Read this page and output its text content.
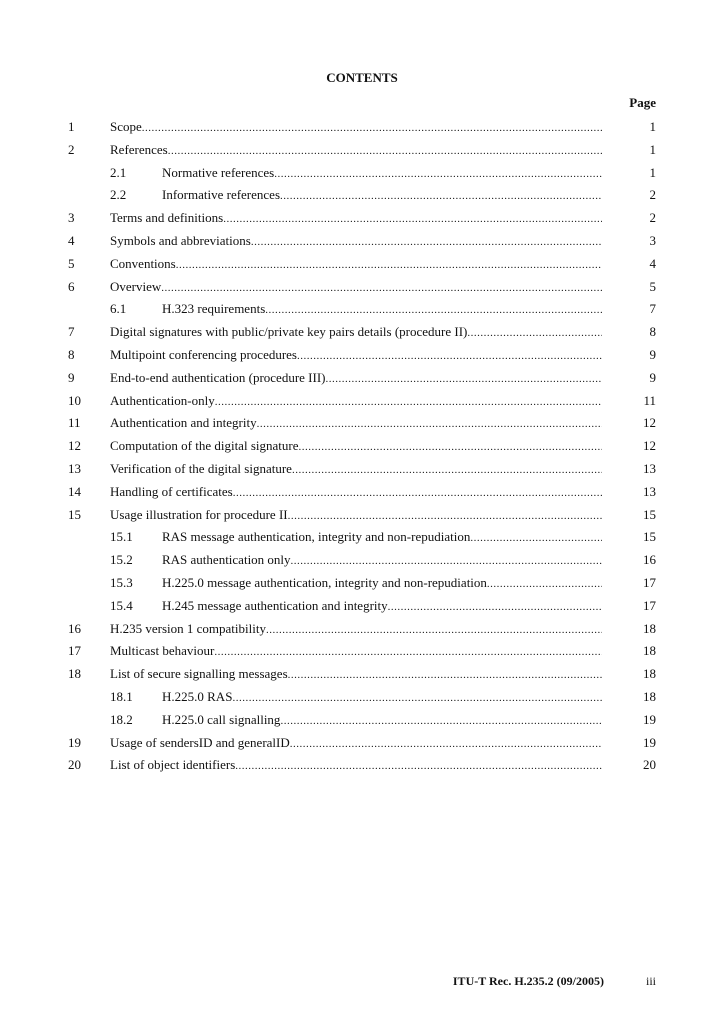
CONTENTS
Page
1	Scope .....	1
2	References .....	1
2.1	Normative references .....	1
2.2	Informative references .....	2
3	Terms and definitions .....	2
4	Symbols and abbreviations .....	3
5	Conventions .....	4
6	Overview .....	5
6.1	H.323 requirements .....	7
7	Digital signatures with public/private key pairs details (procedure II) .....	8
8	Multipoint conferencing procedures .....	9
9	End-to-end authentication (procedure III) .....	9
10 Authentication-only .....	11
11 Authentication and integrity .....	12
12 Computation of the digital signature .....	12
13 Verification of the digital signature .....	13
14 Handling of certificates .....	13
15 Usage illustration for procedure II .....	15
15.1 RAS message authentication, integrity and non-repudiation .....	15
15.2 RAS authentication only .....	16
15.3 H.225.0 message authentication, integrity and non-repudiation .....	17
15.4 H.245 message authentication and integrity .....	17
16 H.235 version 1 compatibility .....	18
17 Multicast behaviour .....	18
18 List of secure signalling messages .....	18
18.1 H.225.0 RAS .....	18
18.2 H.225.0 call signalling .....	19
19 Usage of sendersID and generalID .....	19
20 List of object identifiers .....	20
ITU-T Rec. H.235.2 (09/2005)	iii
